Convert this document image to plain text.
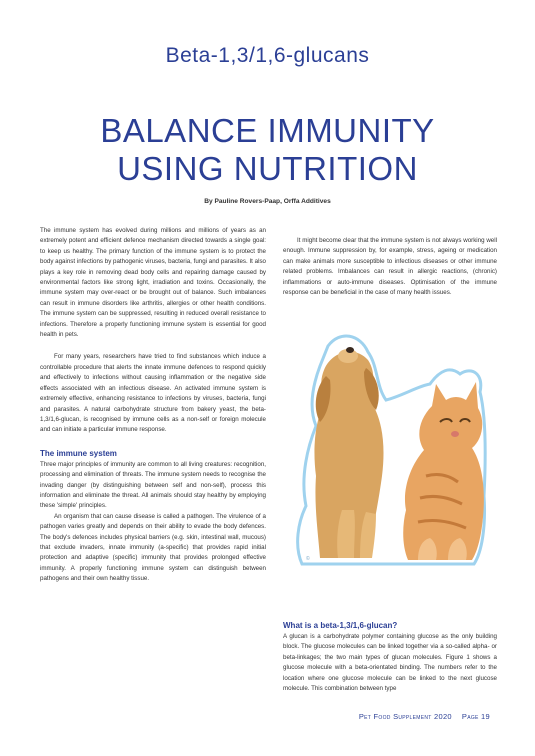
Beta-1,3/1,6-glucans
BALANCE IMMUNITY
USING NUTRITION
By Pauline Rovers-Paap, Orffa Additives

The immune system has evolved during millions and millions of years as an extremely potent and efficient defence mechanism directed towards a single goal: to keep us healthy. The primary function of the immune system is to protect the body against infections by pathogenic viruses, bacteria, fungi and parasites. It also plays a key role in removing dead body cells and repairing damage caused by environmental factors like strong light, irradiation and toxins. Occasionally, the immune system may over-react or be brought out of balance. Such imbalances can result in immune disorders like arthritis, allergies or other health conditions. The immune system can be suppressed, resulting in reduced overall resistance to infections. Therefore a properly functioning immune system is essential for good health in pets.

For many years, researchers have tried to find substances which induce a controllable procedure that alerts the innate immune defences to respond quickly and effectively to infections without causing inflammation or the negative side effects associated with an infectious disease. An activated immune system is extremely effective, enhancing resistance to infections by viruses, bacteria, fungi and parasites. A natural carbohydrate structure from bakery yeast, the beta-1,3/1,6-glucan, is recognised by immune cells as a non-self or foreign molecule and can initiate a particular immune response.

The immune system

Three major principles of immunity are common to all living creatures: recognition, processing and elimination of threats. The immune system needs to recognise the invading danger (by distinguishing between self and non-self), process this information and eliminate the threat. All animals should stay healthy by employing these 'simple' principles.

An organism that can cause disease is called a pathogen. The virulence of a pathogen varies greatly and depends on their ability to evade the body defences. The body's defences includes physical barriers (e.g. skin, intestinal wall, mucous) that exclude invaders, innate immunity (a-specific) that provides rapid initial protection and adaptive (specific) immunity that provides prolonged effective immunity. A properly functioning immune system can distinguish between pathogens and their own healthy tissue.

It might become clear that the immune system is not always working well enough. Immune suppression by, for example, stress, ageing or medication can make animals more susceptible to infectious diseases or other immune related problems. Imbalances can result in allergic reactions, (chronic) inflammations or auto-immune diseases. Optimisation of the immune response can be beneficial in the case of many health issues.

©
What is a beta-1,3/1,6-glucan?

A glucan is a carbohydrate polymer containing glucose as the only building block. The glucose molecules can be linked together via a so-called alpha- or beta-linkages; the two main types of glucan molecules. Figure 1 shows a glucose molecule with a beta-orientated binding. The numbers refer to the location where one glucose molecule can be linked to the next glucose molecule. This combination between type

Pet Food Supplement 2020 Page 19
